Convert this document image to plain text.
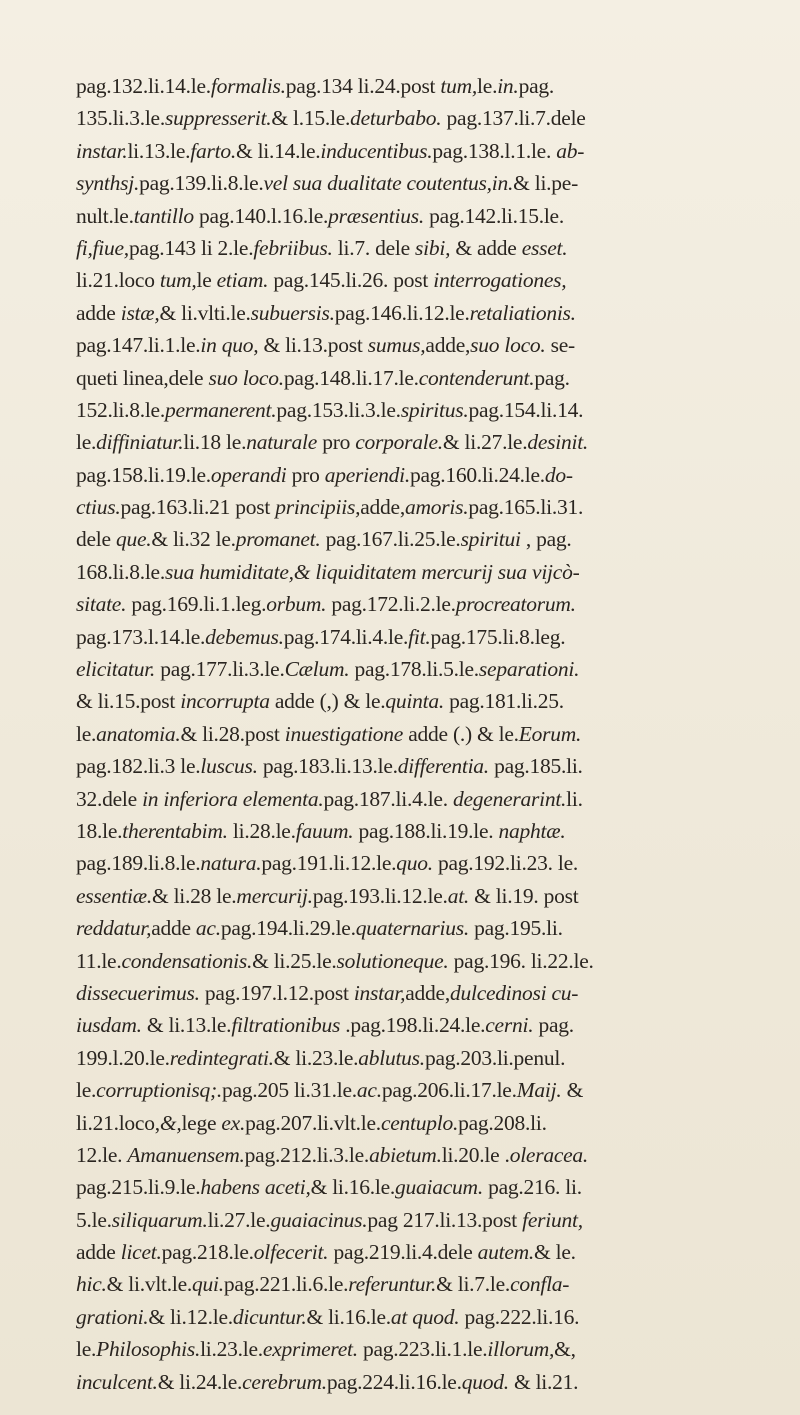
pag.132.li.14.le.formalis.pag.134 li.24.post tum,le.in.pag.
135.li.3.le.suppresserit.& l.15.le.deturbabo. pag.137.li.7.dele
instar.li.13.le.farto.& li.14.le.inducentibus.pag.138.l.1.le. ab-
synthsj.pag.139.li.8.le.vel sua dualitate coutentus,in.& li.pe-
nult.le.tantillo pag.140.l.16.le.præsentius. pag.142.li.15.le.
fi,fiue,pag.143 li 2.le.febriibus. li.7. dele sibi, & adde esset.
li.21.loco tum,le etiam. pag.145.li.26. post interrogationes,
adde istæ,& li.vlti.le.subuersis.pag.146.li.12.le.retaliationis.
pag.147.li.1.le.in quo, & li.13.post sumus,adde,suo loco. se-
queti linea,dele suo loco.pag.148.li.17.le.contenderunt.pag.
152.li.8.le.permanerent.pag.153.li.3.le.spiritus.pag.154.li.14.
le.diffiniatur.li.18 le.naturale pro corporale.& li.27.le.desinit.
pag.158.li.19.le.operandi pro aperiendi.pag.160.li.24.le.do-
ctius.pag.163.li.21 post principiis,adde,amoris.pag.165.li.31.
dele que.& li.32 le.promanet. pag.167.li.25.le.spiritui , pag.
168.li.8.le.sua humiditate,& liquiditatem mercurij sua vijcò-
sitate. pag.169.li.1.leg.orbum. pag.172.li.2.le.procreatorum.
pag.173.l.14.le.debemus.pag.174.li.4.le.fit.pag.175.li.8.leg.
elicitatur. pag.177.li.3.le.Cælum. pag.178.li.5.le.separationi.
& li.15.post incorrupta adde (,) & le.quinta. pag.181.li.25.
le.anatomia.& li.28.post inuestigatione adde (.) & le.Eorum.
pag.182.li.3 le.luscus. pag.183.li.13.le.differentia. pag.185.li.
32.dele in inferiora elementa.pag.187.li.4.le. degenerarint.li.
18.le.therentabim. li.28.le.fauum. pag.188.li.19.le. naphtæ.
pag.189.li.8.le.natura.pag.191.li.12.le.quo. pag.192.li.23. le.
essentiæ.& li.28 le.mercurij.pag.193.li.12.le.at. & li.19. post
reddatur,adde ac.pag.194.li.29.le.quaternarius. pag.195.li.
11.le.condensationis.& li.25.le.solutioneque. pag.196. li.22.le.
dissecuerimus. pag.197.l.12.post instar,adde,dulcedinosi cu-
iusdam. & li.13.le.filtrationibus .pag.198.li.24.le.cerni. pag.
199.l.20.le.redintegrati.& li.23.le.ablutus.pag.203.li.penul.
le.corruptionisq;.pag.205 li.31.le.ac.pag.206.li.17.le.Maij. &
li.21.loco,&,lege ex.pag.207.li.vlt.le.centuplo.pag.208.li.
12.le. Amanuensem.pag.212.li.3.le.abietum.li.20.le .oleracea.
pag.215.li.9.le.habens aceti,& li.16.le.guaiacum. pag.216. li.
5.le.siliquarum.li.27.le.guaiacinus.pag 217.li.13.post feriunt,
adde licet.pag.218.le.olfecerit. pag.219.li.4.dele autem.& le.
hic.& li.vlt.le.qui.pag.221.li.6.le.referuntur.& li.7.le.confla-
grationi.& li.12.le.dicuntur.& li.16.le.at quod. pag.222.li.16.
le.Philosophis.li.23.le.exprimeret. pag.223.li.1.le.illorum,&,
inculcent.& li.24.le.cerebrum.pag.224.li.16.le.quod. & li.21.
